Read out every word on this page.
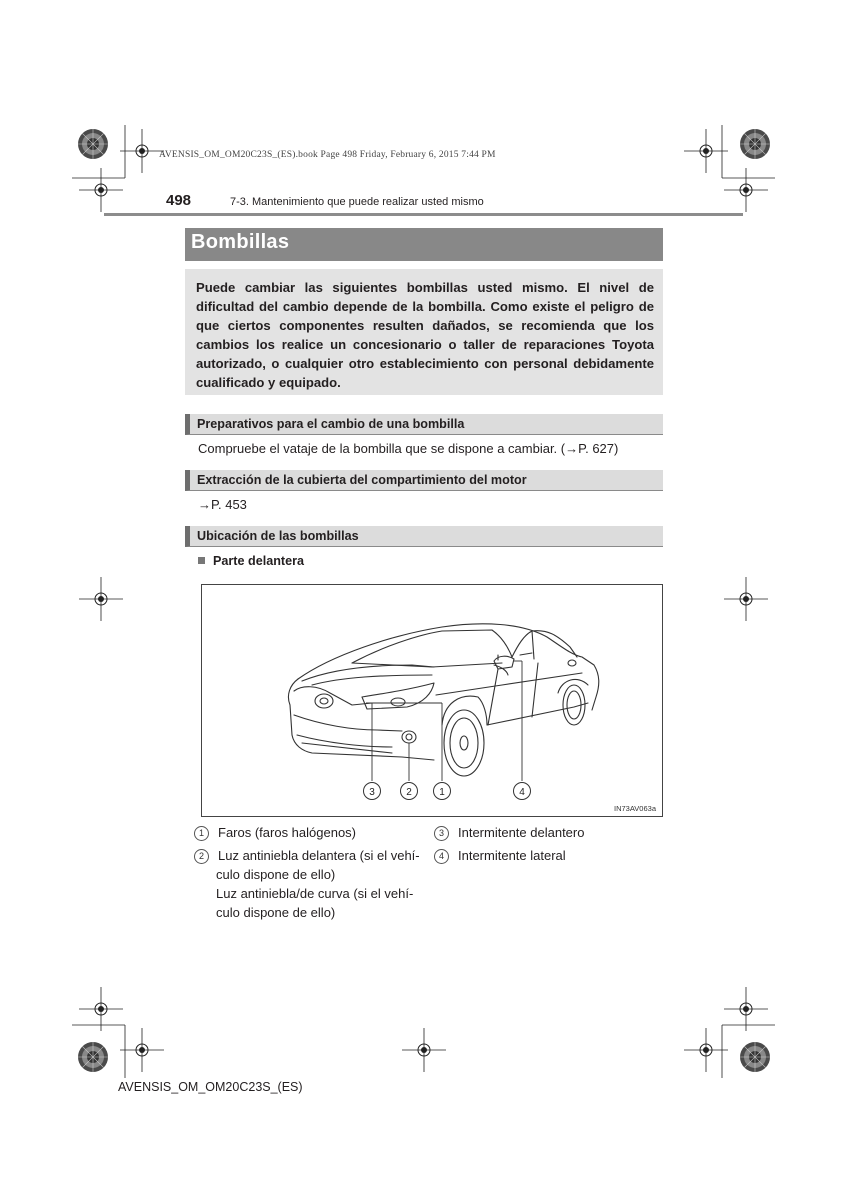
AVENSIS_OM_OM20C23S_(ES).book Page 498 Friday, February 6, 2015 7:44 PM
498	7-3. Mantenimiento que puede realizar usted mismo
Bombillas

Puede cambiar las siguientes bombillas usted mismo. El nivel de dificultad del cambio depende de la bombilla. Como existe el peligro de que ciertos componentes resulten dañados, se recomienda que los cambios los realice un concesionario o taller de reparaciones Toyota autorizado, o cualquier otro establecimiento con personal debidamente cualificado y equipado.

Preparativos para el cambio de una bombilla
Compruebe el vataje de la bombilla que se dispone a cambiar. (→P. 627)
Extracción de la cubierta del compartimiento del motor
→P. 453
Ubicación de las bombillas
Parte delantera
3	2	1	4
IN73AV063a
1 Faros (faros halógenos)
2 Luz antiniebla delantera (si el vehí-
culo dispone de ello)
Luz antiniebla/de curva (si el vehí-
culo dispone de ello)
3 Intermitente delantero
4 Intermitente lateral
AVENSIS_OM_OM20C23S_(ES)
